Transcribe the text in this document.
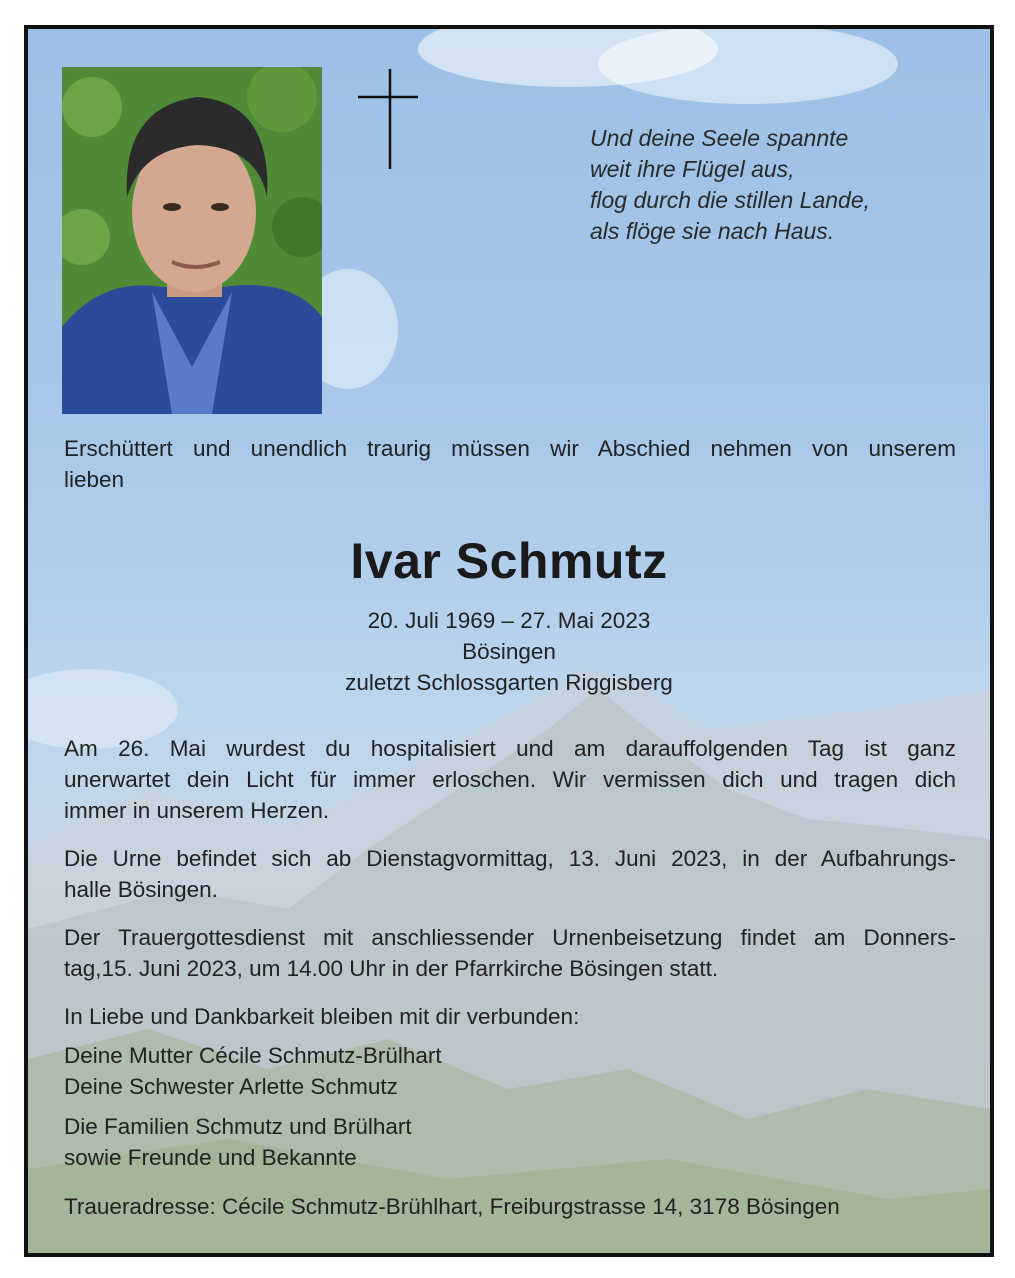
Und deine Seele spannte
weit ihre Flügel aus,
flog durch die stillen Lande,
als flöge sie nach Haus.
Erschüttert und unendlich traurig müssen wir Abschied nehmen von unserem
lieben
Ivar Schmutz
20. Juli 1969 – 27. Mai 2023
Bösingen
zuletzt Schlossgarten Riggisberg
Am 26. Mai wurdest du hospitalisiert und am darauffolgenden Tag ist ganz
unerwartet dein Licht für immer erloschen. Wir vermissen dich und tragen dich
immer in unserem Herzen.
Die Urne befindet sich ab Dienstagvormittag, 13. Juni 2023, in der Aufbahrungs-
halle Bösingen.
Der Trauergottesdienst mit anschliessender Urnenbeisetzung findet am Donners-
tag,15. Juni 2023, um 14.00 Uhr in der Pfarrkirche Bösingen statt.
In Liebe und Dankbarkeit bleiben mit dir verbunden:
Deine Mutter Cécile Schmutz-Brülhart
Deine Schwester Arlette Schmutz
Die Familien Schmutz und Brülhart
sowie Freunde und Bekannte
Traueradresse: Cécile Schmutz-Brühlhart, Freiburgstrasse 14, 3178 Bösingen
